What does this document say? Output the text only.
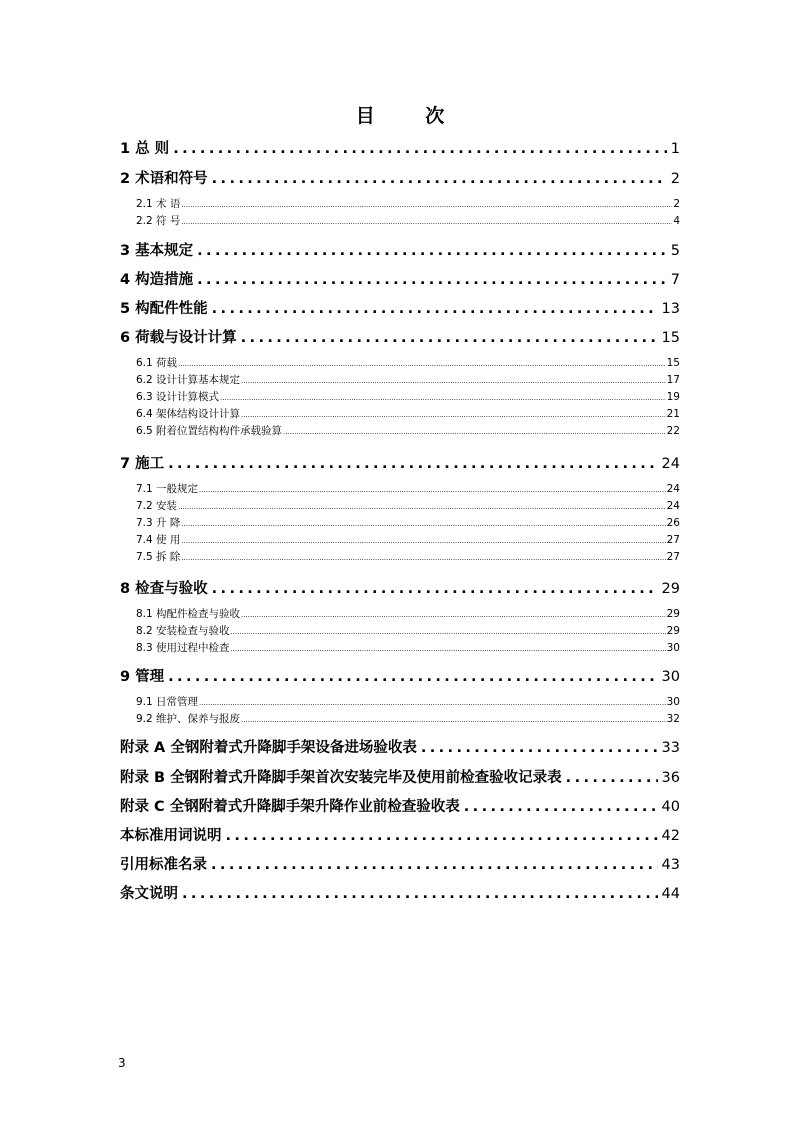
目 次
1 总 则 .....	1
2 术语和符号 .....	2
2.1 术 语 .....	2
2.2 符 号 .....	4
3 基本规定 .....	5
4 构造措施 .....	7
5 构配件性能 .....	13
6 荷载与设计计算 .....	15
6.1 荷载 .....	15
6.2 设计计算基本规定 .....	17
6.3 设计计算模式 .....	19
6.4 架体结构设计计算 .....	21
6.5 附着位置结构构件承载验算 .....	22
7 施工 .....	24
7.1 一般规定 .....	24
7.2 安装 .....	24
7.3 升 降 .....	26
7.4 使 用 .....	27
7.5 拆 除 .....	27
8 检查与验收 .....	29
8.1 构配件检查与验收 .....	29
8.2 安装检查与验收 .....	29
8.3 使用过程中检查 .....	30
9 管理 .....	30
9.1 日常管理 .....	30
9.2 维护、保养与报废 .....	32
附录 A 全钢附着式升降脚手架设备进场验收表 .....	33
附录 B 全钢附着式升降脚手架首次安装完毕及使用前检查验收记录表 .....	36
附录 C 全钢附着式升降脚手架升降作业前检查验收表 .....	40
本标准用词说明 .....	42
引用标准名录 .....	43
条文说明 .....	44
3
